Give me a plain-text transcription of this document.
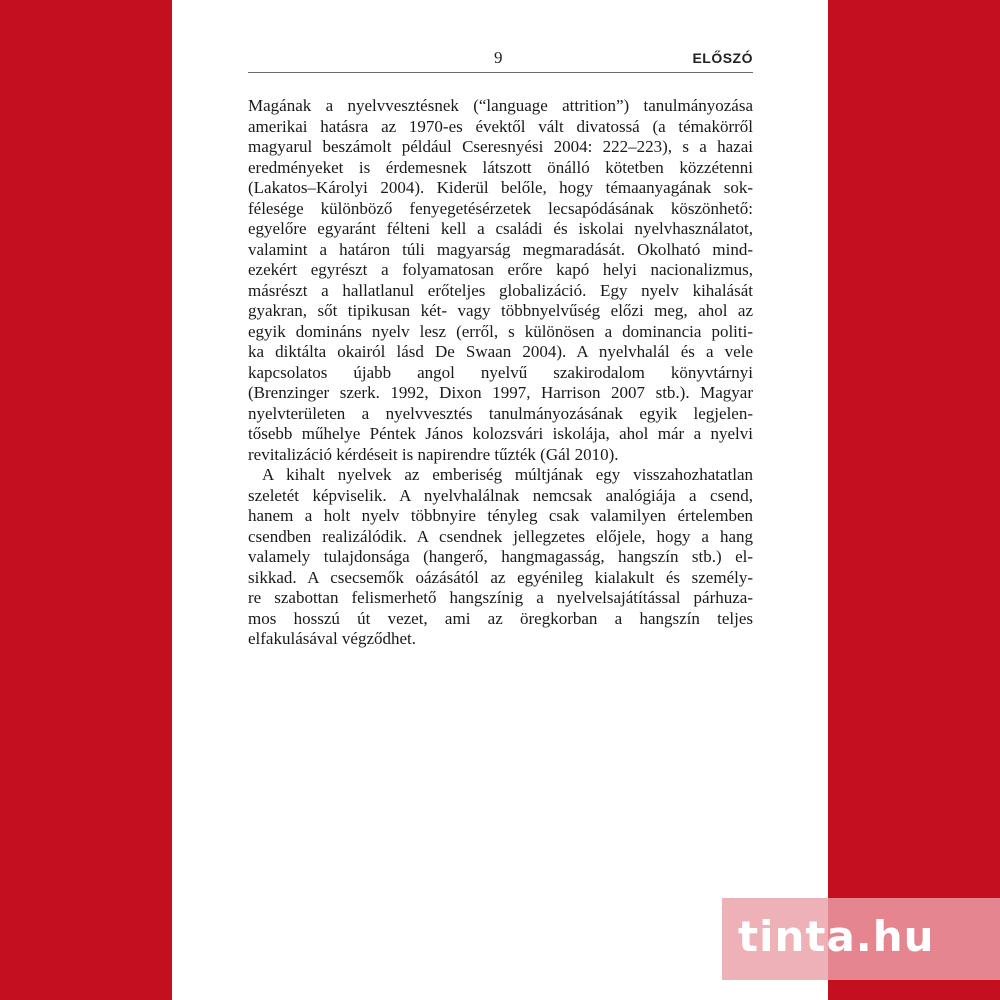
9	ELŐSZÓ
Magának a nyelvvesztésnek (“language attrition”) tanulmányozása
amerikai hatásra az 1970-es évektől vált divatossá (a témakörről
magyarul beszámolt például Cseresnyési 2004: 222–223), s a hazai
eredményeket is érdemesnek látszott önálló kötetben közzétenni
(Lakatos–Károlyi 2004). Kiderül belőle, hogy témaanyagának sok-
félesége különböző fenyegetésérzetek lecsapódásának köszönhető:
egyelőre egyaránt félteni kell a családi és iskolai nyelvhasználatot,
valamint a határon túli magyarság megmaradását. Okolható mind-
ezekért egyrészt a folyamatosan erőre kapó helyi nacionalizmus,
másrészt a hallatlanul erőteljes globalizáció. Egy nyelv kihalását
gyakran, sőt tipikusan két- vagy többnyelvűség előzi meg, ahol az
egyik domináns nyelv lesz (erről, s különösen a dominancia politi-
ka diktálta okairól lásd De Swaan 2004). A nyelvhalál és a vele
kapcsolatos újabb angol nyelvű szakirodalom könyvtárnyi
(Brenzinger szerk. 1992, Dixon 1997, Harrison 2007 stb.). Magyar
nyelvterületen a nyelvvesztés tanulmányozásának egyik legjelen-
tősebb műhelye Péntek János kolozsvári iskolája, ahol már a nyelvi
revitalizáció kérdéseit is napirendre tűzték (Gál 2010).
A kihalt nyelvek az emberiség múltjának egy visszahozhatatlan
szeletét képviselik. A nyelvhalálnak nemcsak analógiája a csend,
hanem a holt nyelv többnyire tényleg csak valamilyen értelemben
csendben realizálódik. A csendnek jellegzetes előjele, hogy a hang
valamely tulajdonsága (hangerő, hangmagasság, hangszín stb.) el-
sikkad. A csecsemők oázásától az egyénileg kialakult és személy-
re szabottan felismerhető hangszínig a nyelvelsajátítással párhuza-
mos hosszú út vezet, ami az öregkorban a hangszín teljes
elfakulásával végződhet.
tinta.hu
